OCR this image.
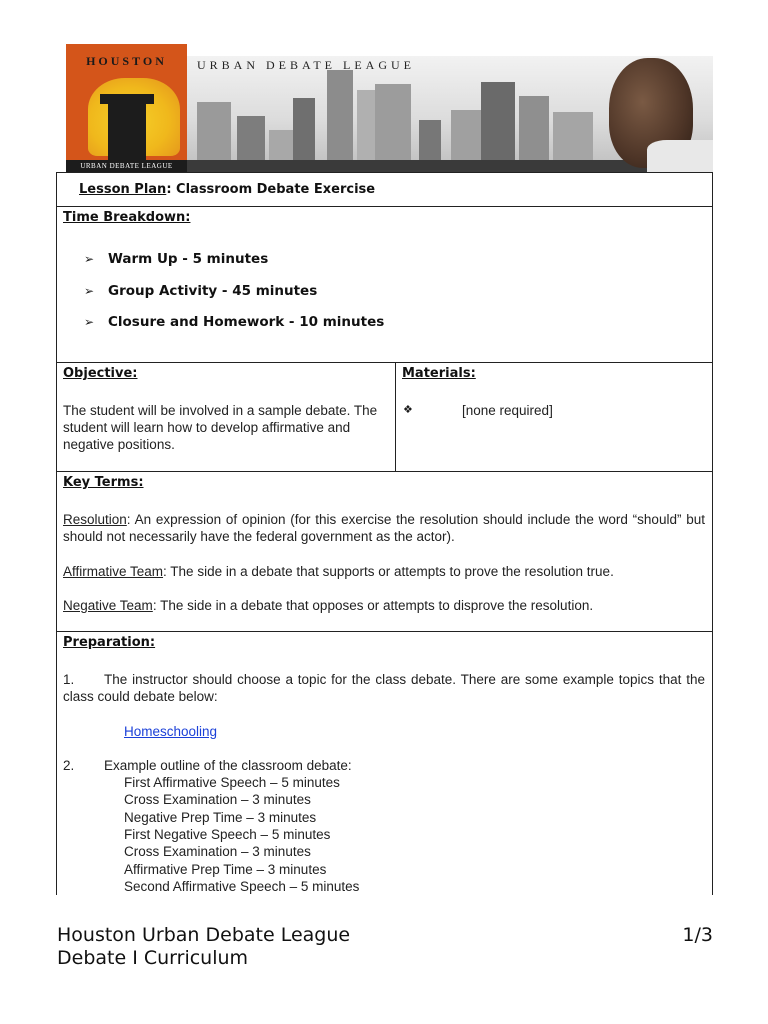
HOUSTON
URBAN DEBATE LEAGUE
URBAN DEBATE LEAGUE
Lesson Plan: Classroom Debate Exercise
Time Breakdown:
➢ Warm Up - 5 minutes
➢ Group Activity - 45 minutes
➢ Closure and Homework - 10 minutes
Objective:
The student will be involved in a sample debate. The student will learn how to develop affirmative and negative positions.
Materials:
❖	[none required]
Key Terms:
Resolution: An expression of opinion (for this exercise the resolution should include the word “should” but should not necessarily have the federal government as the actor).
Affirmative Team: The side in a debate that supports or attempts to prove the resolution true.
Negative Team: The side in a debate that opposes or attempts to disprove the resolution.
Preparation:
1.	The instructor should choose a topic for the class debate. There are some example topics that the class could debate below:
Homeschooling
2. Example outline of the classroom debate:
First Affirmative Speech – 5 minutes
Cross Examination – 3 minutes
Negative Prep Time – 3 minutes
First Negative Speech – 5 minutes
Cross Examination – 3 minutes
Affirmative Prep Time – 3 minutes
Second Affirmative Speech – 5 minutes
Houston Urban Debate League
Debate I Curriculum
1/3
